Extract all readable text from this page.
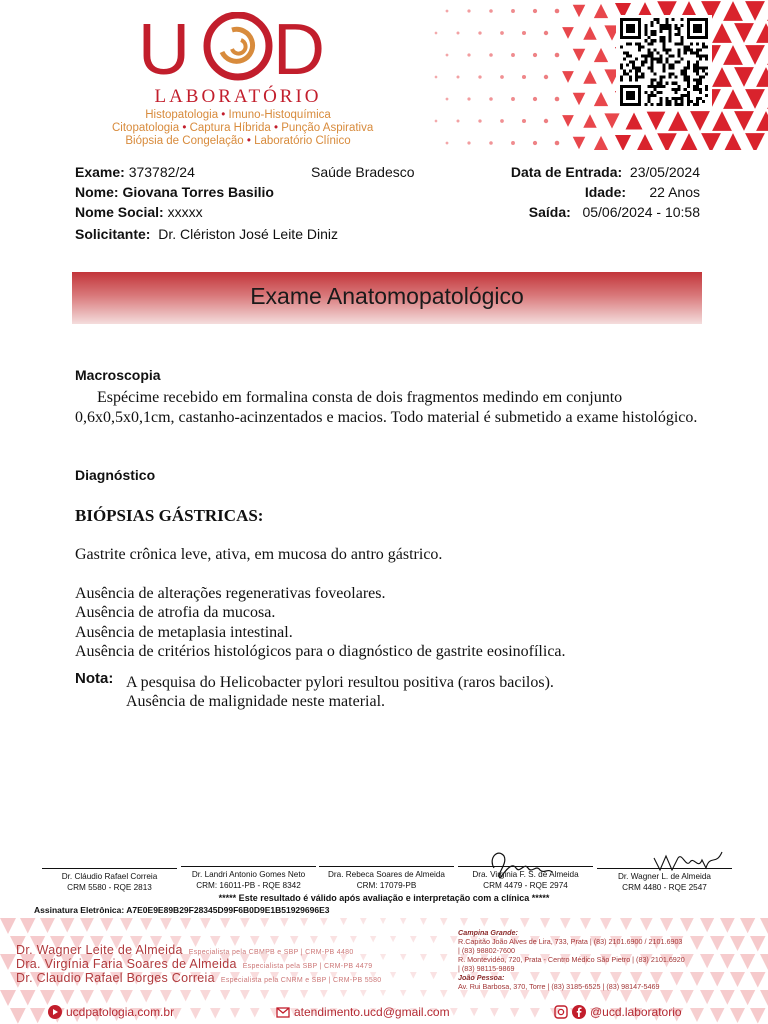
U D
LABORATÓRIO
Histopatologia • Imuno-Histoquímica
Citopatologia • Captura Híbrida • Punção Aspirativa
Biópsia de Congelação • Laboratório Clínico
Exame: 373782/24	Saúde Bradesco
Nome: Giovana Torres Basilio
Nome Social: xxxxx
Solicitante: Dr. Clériston José Leite Diniz
Data de Entrada: 23/05/2024
Idade: 22 Anos
Saída: 05/06/2024 - 10:58
Exame Anatomopatológico
Macroscopia
Espécime recebido em formalina consta de dois fragmentos medindo em conjunto 0,6x0,5x0,1cm, castanho-acinzentados e macios. Todo material é submetido a exame histológico.
Diagnóstico
BIÓPSIAS GÁSTRICAS:
Gastrite crônica leve, ativa, em mucosa do antro gástrico.
Ausência de alterações regenerativas foveolares.
Ausência de atrofia da mucosa.
Ausência de metaplasia intestinal.
Ausência de critérios histológicos para o diagnóstico de gastrite eosinofílica.
Nota: A pesquisa do Helicobacter pylori resultou positiva (raros bacilos).
Ausência de malignidade neste material.
Dr. Cláudio Rafael Correia
CRM 5580 - RQE 2813
Dr. Landri Antonio Gomes Neto
CRM: 16011-PB - RQE 8342
Dra. Rebeca Soares de Almeida
CRM: 17079-PB
Dra. Virginia F. S. de Almeida
CRM 4479 - RQE 2974
Dr. Wagner L. de Almeida
CRM 4480 - RQE 2547
***** Este resultado é válido após avaliação e interpretação com a clínica *****
Assinatura Eletrônica: A7E0E9E89B29F28345D99F6B0D9E1B51929696E3
Dr. Wagner Leite de Almeida Especialista pela CBMPB e SBP | CRM-PB 4480
Dra. Virgínia Faria Soares de Almeida Especialista pela SBP | CRM-PB 4479
Dr. Claudio Rafael Borges Correia Especialista pela CNRM e SBP | CRM-PB 5580
Campina Grande:
R.Capitão João Alves de Lira, 733, Prata | (83) 2101.6900 / 2101.6903
| (83) 98802-7600
R. Montevidéo, 720, Prata - Centro Médico São Pietro | (83) 2101.6920
| (83) 98115-9869
João Pessoa:
Av. Rui Barbosa, 370, Torre | (83) 3185-6525 | (83) 98147-5469
ucdpatologia.com.br	atendimento.ucd@gmail.com	@ucd.laboratorio
